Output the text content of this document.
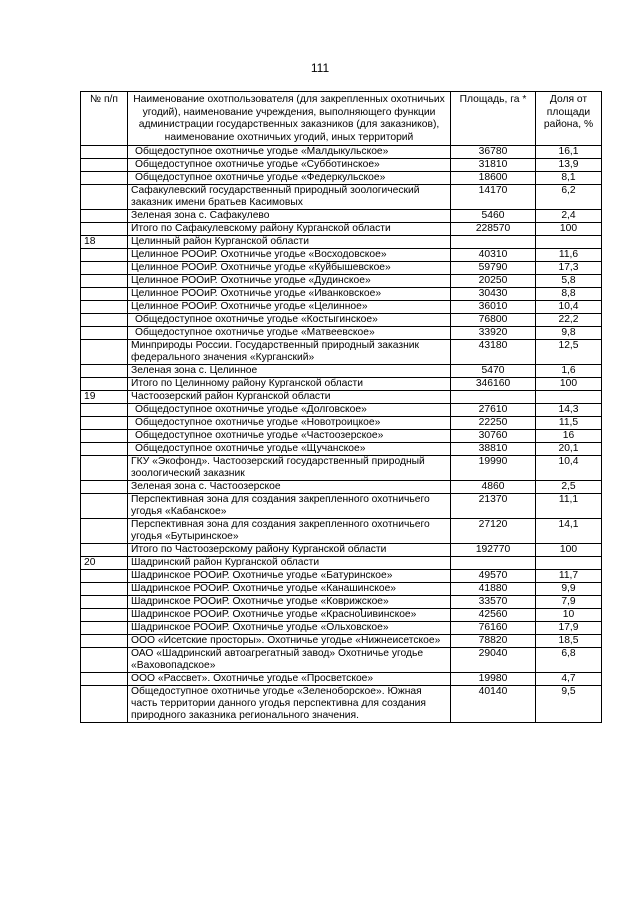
111
№ п/п	Наименование охотпользователя (для закрепленных охотничьих угодий), наименование учреждения, выполняющего функции администрации государственных заказников (для заказников), наименование охотничьих угодий, иных территорий	Площадь, га *	Доля от площади района, %
	Общедоступное охотничье угодье «Малдыкульское»	36780	16,1
	Общедоступное охотничье угодье «Субботинское»	31810	13,9
	Общедоступное охотничье угодье «Федеркульское»	18600	8,1
	Сафакулевский государственный природный зоологический заказник имени братьев Касимовых	14170	6,2
	Зеленая зона с. Сафакулево	5460	2,4
	Итого по Сафакулевскому району Курганской области	228570	100
18	Целинный район Курганской области		
	Целинное РООиР. Охотничье угодье «Восходовское»	40310	11,6
	Целинное РООиР. Охотничье угодье «Куйбышевское»	59790	17,3
	Целинное РООиР. Охотничье угодье «Дудинское»	20250	5,8
	Целинное РООиР. Охотничье угодье «Иванковское»	30430	8,8
	Целинное РООиР. Охотничье угодье «Целинное»	36010	10,4
	Общедоступное охотничье угодье «Костыгинское»	76800	22,2
	Общедоступное охотничье угодье «Матвеевское»	33920	9,8
	Минприроды России. Государственный природный заказник федерального значения «Курганский»	43180	12,5
	Зеленая зона с. Целинное	5470	1,6
	Итого по Целинному району Курганской области	346160	100
19	Частоозерский район Курганской области		
	Общедоступное охотничье угодье «Долговское»	27610	14,3
	Общедоступное охотничье угодье «Новотроицкое»	22250	11,5
	Общедоступное охотничье угодье «Частоозерское»	30760	16
	Общедоступное охотничье угодье «Щучанское»	38810	20,1
	ГКУ «Экофонд». Частоозерский государственный природный зоологический заказник	19990	10,4
	Зеленая зона с. Частоозерское	4860	2,5
	Перспективная зона для создания закрепленного охотничьего угодья «Кабанское»	21370	11,1
	Перспективная зона для создания закрепленного охотничьего угодья «Бутыринское»	27120	14,1
	Итого по Частоозерскому району Курганской области	192770	100
20	Шадринский район Курганской области		
	Шадринское РООиР. Охотничье угодье «Батуринское»	49570	11,7
	Шадринское РООиР. Охотничье угодье «Канашинское»	41880	9,9
	Шадринское РООиР. Охотничье угодье «Коврижское»	33570	7,9
	Шадринское РООиР. Охотничье угодье «Красноնивинское»	42560	10
	Шадринское РООиР. Охотничье угодье «Ольховское»	76160	17,9
	ООО «Исетские просторы». Охотничье угодье «Нижнеисетское»	78820	18,5
	ОАО «Шадринский автоагрегатный завод» Охотничье угодье «Ваховопадское»	29040	6,8
	ООО «Рассвет». Охотничье угодье «Просветское»	19980	4,7
	Общедоступное охотничье угодье «Зеленоборское». Южная часть территории данного угодья перспективна для создания природного заказника регионального значения.	40140	9,5
